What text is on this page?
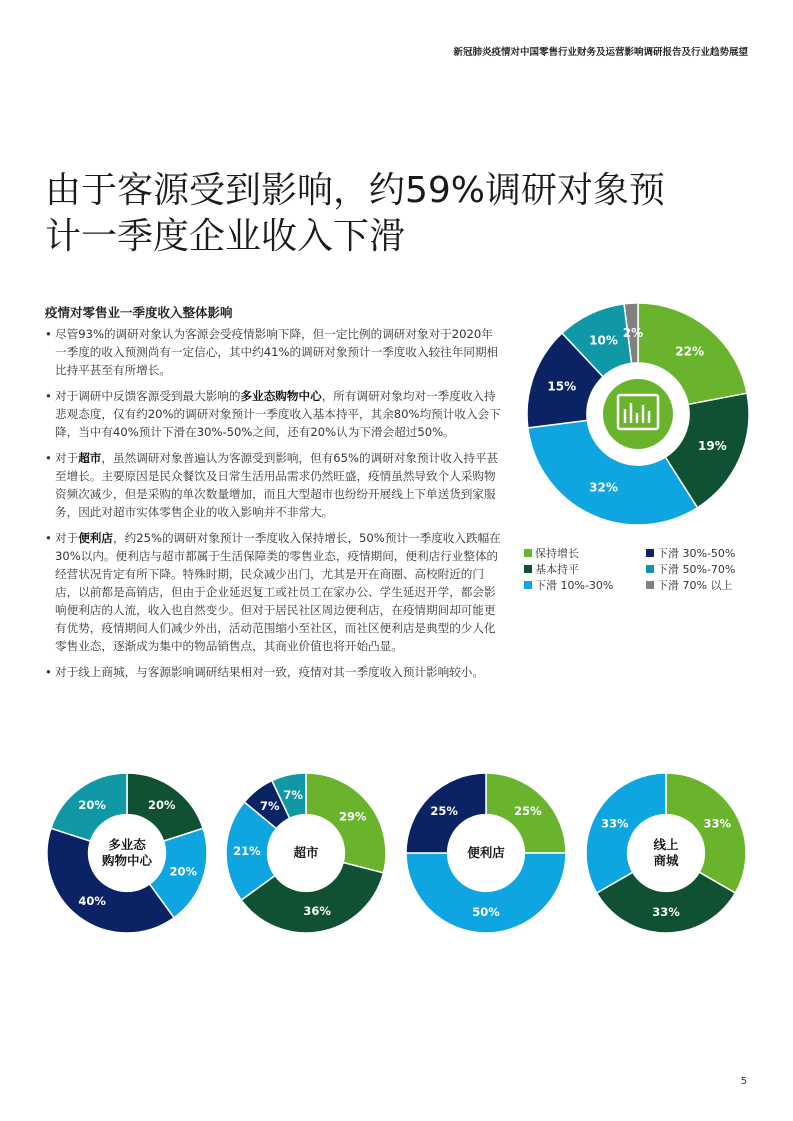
新冠肺炎疫情对中国零售行业财务及运营影响调研报告及行业趋势展望
由于客源受到影响，约59%调研对象预
计一季度企业收入下滑
疫情对零售业一季度收入整体影响
• 尽管93%的调研对象认为客源会受疫情影响下降，但一定比例的调研对象对于2020年一季度的收入预测尚有一定信心，其中约41%的调研对象预计一季度收入较往年同期相比持平甚至有所增长。
• 对于调研中反馈客源受到最大影响的多业态购物中心，所有调研对象均对一季度收入持悲观态度，仅有约20%的调研对象预计一季度收入基本持平，其余80%均预计收入会下降，当中有40%预计下滑在30%-50%之间，还有20%认为下滑会超过50%。
• 对于超市，虽然调研对象普遍认为客源受到影响，但有65%的调研对象预计收入持平甚至增长。主要原因是民众餐饮及日常生活用品需求仍然旺盛，疫情虽然导致个人采购物资频次减少，但是采购的单次数量增加，而且大型超市也纷纷开展线上下单送货到家服务，因此对超市实体零售企业的收入影响并不非常大。
• 对于便利店，约25%的调研对象预计一季度收入保持增长，50%预计一季度收入跌幅在30%以内。便利店与超市都属于生活保障类的零售业态，疫情期间，便利店行业整体的经营状况肯定有所下降。特殊时期，民众减少出门，尤其是开在商圈、高校附近的门店，以前都是高销店，但由于企业延迟复工或社员工在家办公、学生延迟开学，都会影响便利店的人流，收入也自然变少。但对于居民社区周边便利店，在疫情期间却可能更有优势，疫情期间人们减少外出，活动范围缩小至社区，而社区便利店是典型的少人化零售业态，逐渐成为集中的物品销售点，其商业价值也将开始凸显。
• 对于线上商城，与客源影响调研结果相对一致，疫情对其一季度收入预计影响较小。
22%
19%
32%
15%
10%
2%
保持增长	下滑 30%-50%
基本持平	下滑 50%-70%
下滑 10%-30%	下滑 70% 以上
20%
20%
40%
20%
29%
36%
21%
7%
7%
25%
50%
25%
33%
33%
33%
多业态
购物中心
超市	便利店
线上
商城
5
